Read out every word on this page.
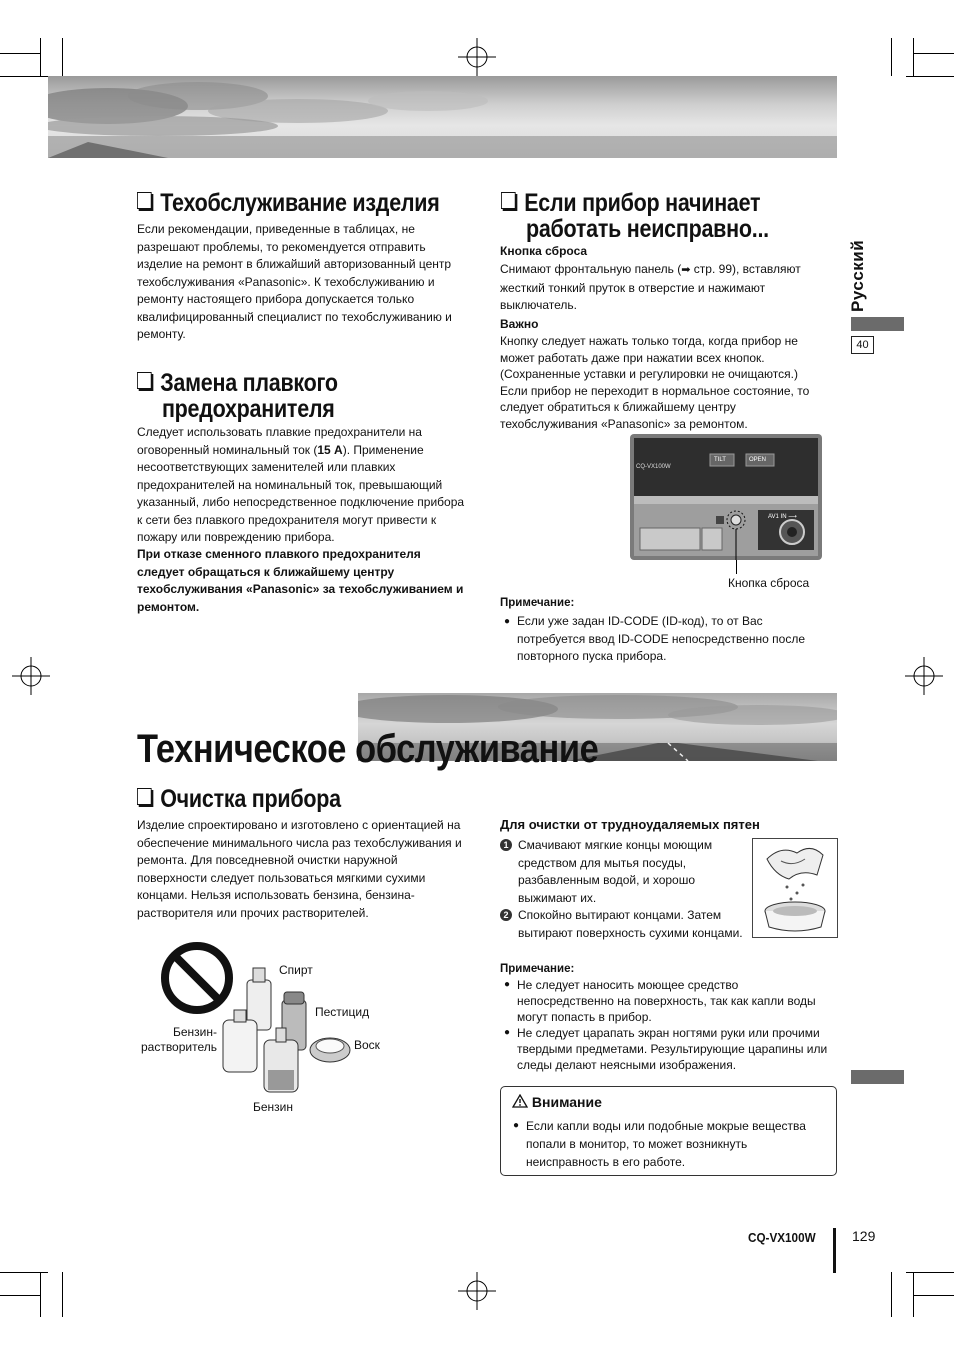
Техобслуживание изделия
Если рекомендации, приведенные в таблицах, не
разрешают проблемы, то рекомендуется отправить
изделие на ремонт в ближайший авторизованный центр
техобслуживания «Panasonic». К техобслуживанию и
ремонту настоящего прибора допускается только
квалифицированный специалист по техобслуживанию и
ремонту.
Замена плавкого
предохранителя
Следует использовать плавкие предохранители на
оговоренный номинальный ток (15 A). Применение
несоответствующих заменителей или плавких
предохранителей на номинальный ток, превышающий
указанный, либо непосредственное подключение прибора
к сети без плавкого предохранителя могут привести к
пожару или повреждению прибора.
При отказе сменного плавкого предохранителя
следует обращаться к ближайшему центру
техобслуживания «Panasonic» за техобслуживанием и
ремонтом.
Если прибор начинает
работать неисправно...
Кнопка сброса
Снимают фронтальную панель (➡ стр. 99), вставляют
жесткий тонкий пруток в отверстие и нажимают
выключатель.
Важно
Кнопку следует нажать только тогда, когда прибор не
может работать даже при нажатии всех кнопок.
(Сохраненные уставки и регулировки не очищаются.)
Если прибор не переходит в нормальное состояние, то
следует обратиться к ближайшему центру
техобслуживания «Panasonic» за ремонтом.
CQ-VX100W
TILT	OPEN
AV1 IN ⟶
Кнопка сброса
Примечание:
● Если уже задан ID-CODE (ID-код), то от Вас
потребуется ввод ID-CODE непосредственно после
повторного пуска прибора.
Техническое обслуживание
Очистка прибора
Изделие спроектировано и изготовлено с ориентацией на
обеспечение минимального числа раз техобслуживания и
ремонта. Для повседневной очистки наружной
поверхности следует пользоваться мягкими сухими
концами. Нельзя использовать бензина, бензина-
растворителя или прочих растворителей.
Спирт
Пестицид
Бензин-
растворитель	Воск
Бензин
Для очистки от трудноудаляемых пятен
1 Смачивают мягкие концы моющим
средством для мытья посуды,
разбавленным водой, и хорошо
выжимают их.
2 Спокойно вытирают концами. Затем
вытирают поверхность сухими концами.
Примечание:
● Не следует наносить моющее средство
непосредственно на поверхность, так как капли воды
могут попасть в прибор.
● Не следует царапать экран ногтями руки или прочими
твердыми предметами. Результирующие царапины или
следы делают неясными изображения.
Внимание
● Если капли воды или подобные мокрые вещества
попали в монитор, то может возникнуть
неисправность в его работе.
Русский
40
CQ-VX100W	129
